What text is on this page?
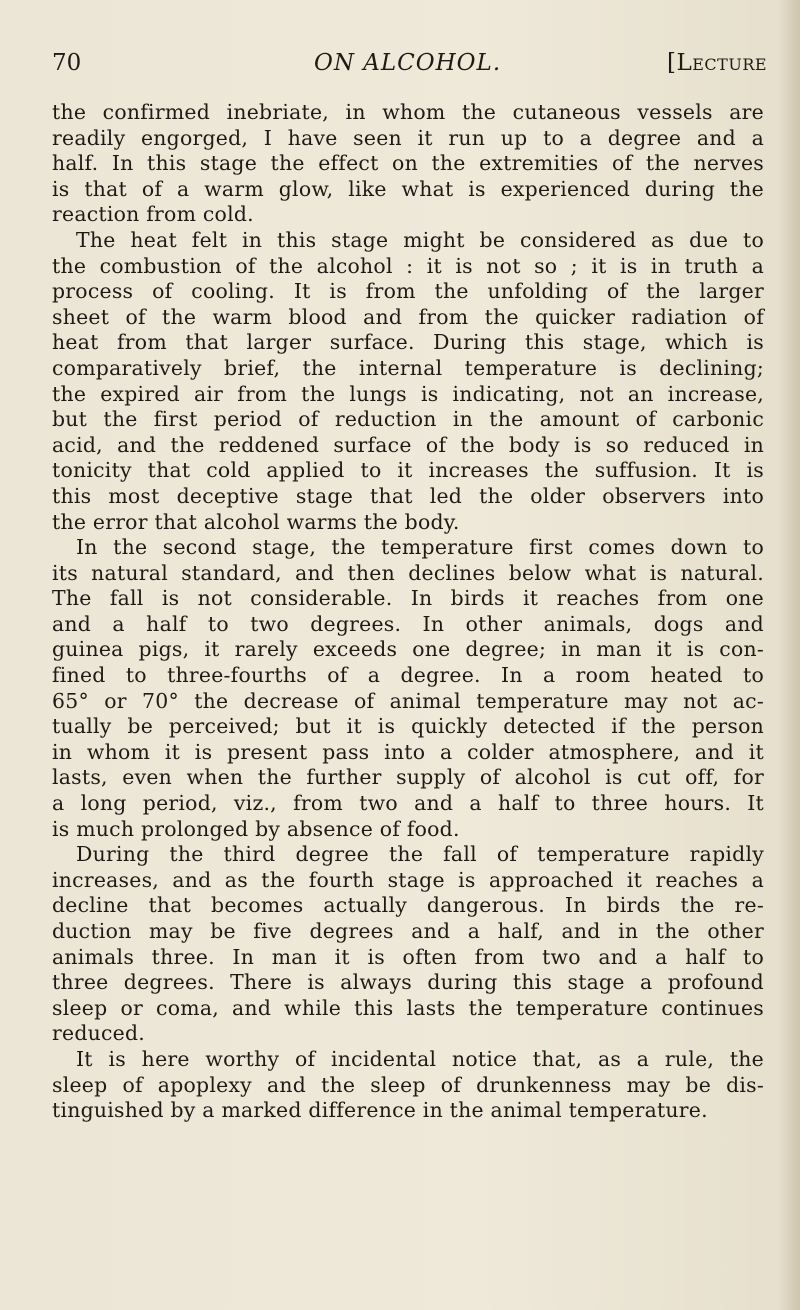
70	ON ALCOHOL.	[Lecture
the confirmed inebriate, in whom the cutaneous vessels are
readily engorged, I have seen it run up to a degree and a
half. In this stage the effect on the extremities of the nerves
is that of a warm glow, like what is experienced during the
reaction from cold.
The heat felt in this stage might be considered as due to
the combustion of the alcohol : it is not so ; it is in truth a
process of cooling. It is from the unfolding of the larger
sheet of the warm blood and from the quicker radiation of
heat from that larger surface. During this stage, which is
comparatively brief, the internal temperature is declining;
the expired air from the lungs is indicating, not an increase,
but the first period of reduction in the amount of carbonic
acid, and the reddened surface of the body is so reduced in
tonicity that cold applied to it increases the suffusion. It is
this most deceptive stage that led the older observers into
the error that alcohol warms the body.
In the second stage, the temperature first comes down to
its natural standard, and then declines below what is natural.
The fall is not considerable. In birds it reaches from one
and a half to two degrees. In other animals, dogs and
guinea pigs, it rarely exceeds one degree; in man it is con-
fined to three-fourths of a degree. In a room heated to
65° or 70° the decrease of animal temperature may not ac-
tually be perceived; but it is quickly detected if the person
in whom it is present pass into a colder atmosphere, and it
lasts, even when the further supply of alcohol is cut off, for
a long period, viz., from two and a half to three hours. It
is much prolonged by absence of food.
During the third degree the fall of temperature rapidly
increases, and as the fourth stage is approached it reaches a
decline that becomes actually dangerous. In birds the re-
duction may be five degrees and a half, and in the other
animals three. In man it is often from two and a half to
three degrees. There is always during this stage a profound
sleep or coma, and while this lasts the temperature continues
reduced.
It is here worthy of incidental notice that, as a rule, the
sleep of apoplexy and the sleep of drunkenness may be dis-
tinguished by a marked difference in the animal temperature.
